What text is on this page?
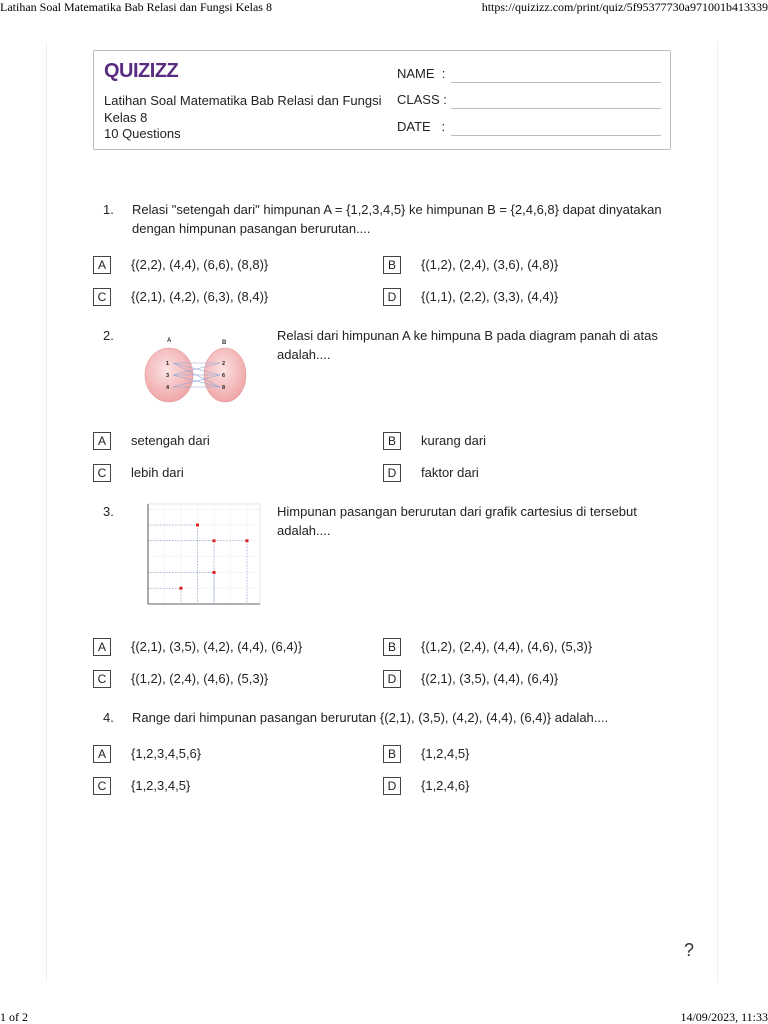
Latihan Soal Matematika Bab Relasi dan Fungsi Kelas 8	https://quizizz.com/print/quiz/5f95377730a971001b413339
QUIZIZZ
Latihan Soal Matematika Bab Relasi dan Fungsi Kelas 8
10 Questions
NAME  :
CLASS :
DATE   :
1. Relasi "setengah dari" himpunan A = {1,2,3,4,5} ke himpunan B = {2,4,6,8} dapat dinyatakan dengan himpunan pasangan berurutan....
A	{(2,2), (4,4), (6,6), (8,8)}	B	{(1,2), (2,4), (3,6), (4,8)}
C	{(2,1), (4,2), (6,3), (8,4)}	D	{(1,1), (2,2), (3,3), (4,4)}
2.	A	B
1
3
4
2
6
8
Relasi dari himpunan A ke himpuna B pada diagram panah di atas adalah....
A	setengah dari	B	kurang dari
C	lebih dari	D	faktor dari
3.	Himpunan pasangan berurutan dari grafik cartesius di tersebut adalah....
A	{(2,1), (3,5), (4,2), (4,4), (6,4)}	B	{(1,2), (2,4), (4,4), (4,6), (5,3)}
C	{(1,2), (2,4), (4,6), (5,3)}	D	{(2,1), (3,5), (4,4), (6,4)}
4. Range dari himpunan pasangan berurutan {(2,1), (3,5), (4,2), (4,4), (6,4)} adalah....
A	{1,2,3,4,5,6}	B	{1,2,4,5}
C	{1,2,3,4,5}	D	{1,2,4,6}
?
1 of 2	14/09/2023, 11:33
